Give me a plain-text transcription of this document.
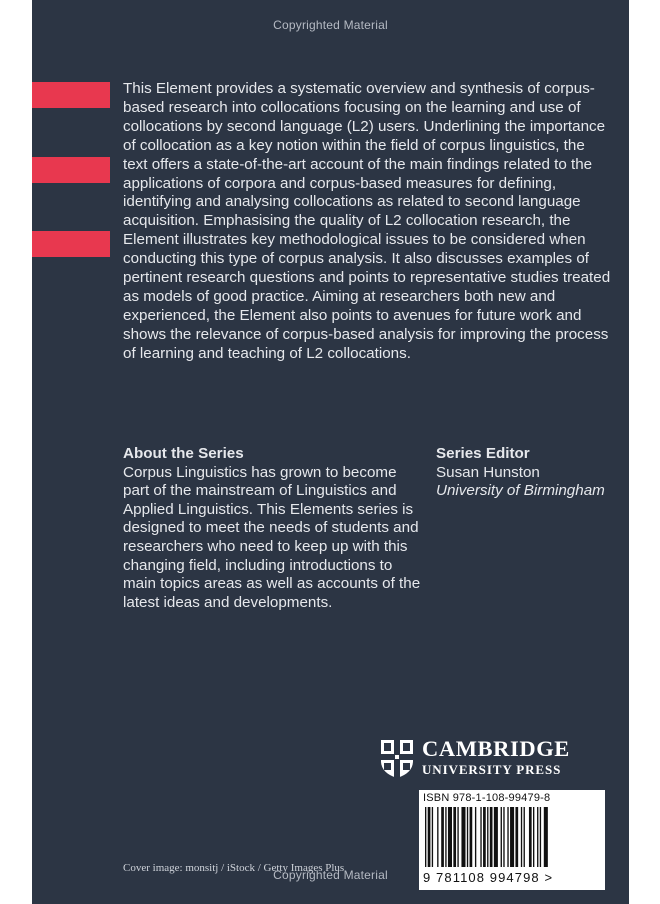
Copyrighted Material

This Element provides a systematic overview and synthesis of corpus-based research into collocations focusing on the learning and use of collocations by second language (L2) users. Underlining the importance of collocation as a key notion within the field of corpus linguistics, the text offers a state-of-the-art account of the main findings related to the applications of corpora and corpus-based measures for defining, identifying and analysing collocations as related to second language acquisition. Emphasising the quality of L2 collocation research, the Element illustrates key methodological issues to be considered when conducting this type of corpus analysis. It also discusses examples of pertinent research questions and points to representative studies treated as models of good practice. Aiming at researchers both new and experienced, the Element also points to avenues for future work and shows the relevance of corpus-based analysis for improving the process of learning and teaching of L2 collocations.

About the Series

Corpus Linguistics has grown to become part of the mainstream of Linguistics and Applied Linguistics. This Elements series is designed to meet the needs of students and researchers who need to keep up with this changing field, including introductions to main topics areas as well as accounts of the latest ideas and developments.

Series Editor

Susan Hunston

University of Birmingham

CAMBRIDGE
UNIVERSITY PRESS
ISBN 978-1-108-99479-8
9 781108 994798 >
Cover image: monsitj / iStock / Getty Images Plus
Copyrighted Material
